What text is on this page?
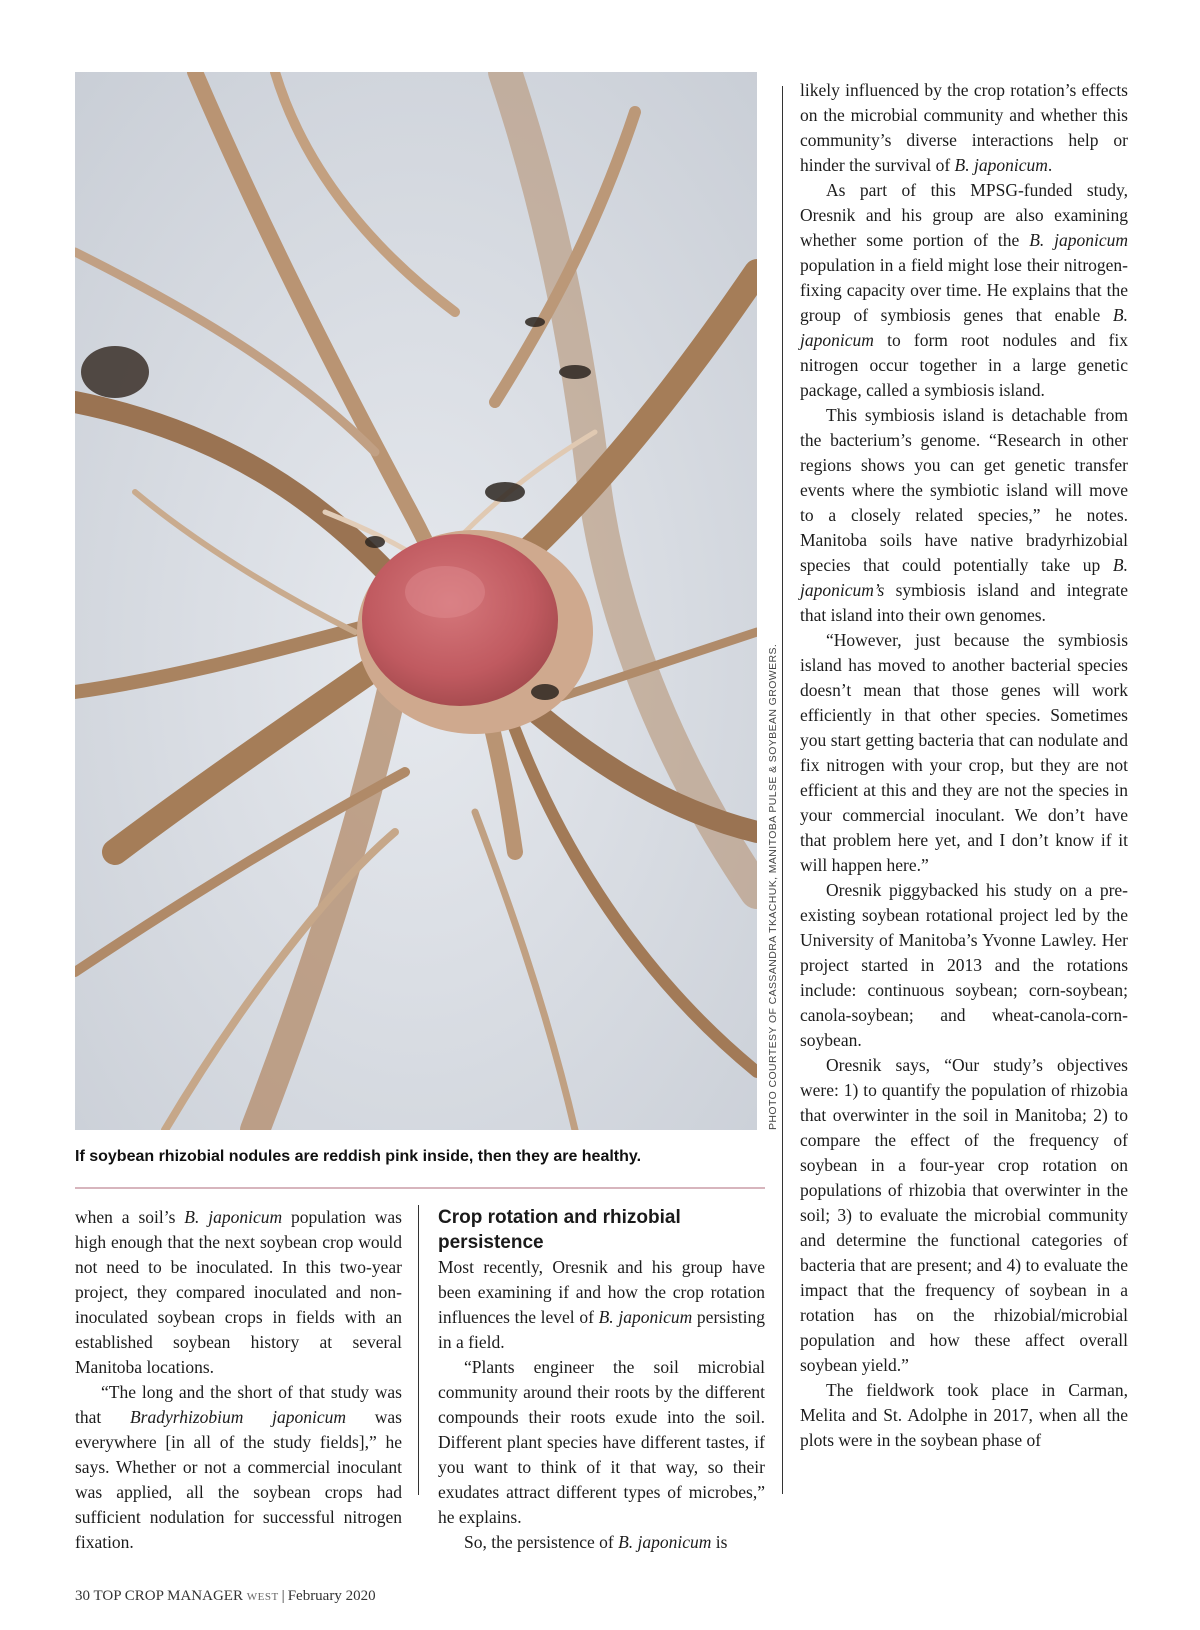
PHOTO COURTESY OF CASSANDRA TKACHUK, MANITOBA PULSE & SOYBEAN GROWERS.

If soybean rhizobial nodules are reddish pink inside, then they are healthy.

likely influenced by the crop rotation’s effects on the microbial community and whether this community’s diverse interactions help or hinder the survival of B. japonicum.

As part of this MPSG-funded study, Oresnik and his group are also examining whether some portion of the B. japonicum population in a field might lose their nitrogen-fixing capacity over time. He explains that the group of symbiosis genes that enable B. japonicum to form root nodules and fix nitrogen occur together in a large genetic package, called a symbiosis island.

This symbiosis island is detachable from the bacterium’s genome. “Research in other regions shows you can get genetic transfer events where the symbiotic island will move to a closely related species,” he notes. Manitoba soils have native bradyrhizobial species that could potentially take up B. japonicum’s symbiosis island and integrate that island into their own genomes.

“However, just because the symbiosis island has moved to another bacterial species doesn’t mean that those genes will work efficiently in that other species. Sometimes you start getting bacteria that can nodulate and fix nitrogen with your crop, but they are not efficient at this and they are not the species in your commercial inoculant. We don’t have that problem here yet, and I don’t know if it will happen here.”

Oresnik piggybacked his study on a pre-existing soybean rotational project led by the University of Manitoba’s Yvonne Lawley. Her project started in 2013 and the rotations include: continuous soybean; corn-soybean; canola-soybean; and wheat-canola-corn-soybean.

Oresnik says, “Our study’s objectives were: 1) to quantify the population of rhizobia that overwinter in the soil in Manitoba; 2) to compare the effect of the frequency of soybean in a four-year crop rotation on populations of rhizobia that overwinter in the soil; 3) to evaluate the microbial community and determine the functional categories of bacteria that are present; and 4) to evaluate the impact that the frequency of soybean in a rotation has on the rhizobial/microbial population and how these affect overall soybean yield.”

The fieldwork took place in Carman, Melita and St. Adolphe in 2017, when all the plots were in the soybean phase of

when a soil’s B. japonicum population was high enough that the next soybean crop would not need to be inoculated. In this two-year project, they compared inoculated and non-inoculated soybean crops in fields with an established soybean history at several Manitoba locations.

“The long and the short of that study was that Bradyrhizobium japonicum was everywhere [in all of the study fields],” he says. Whether or not a commercial inoculant was applied, all the soybean crops had sufficient nodulation for successful nitrogen fixation.

Crop rotation and rhizobial persistence

Most recently, Oresnik and his group have been examining if and how the crop rotation influences the level of B. japonicum persisting in a field.

“Plants engineer the soil microbial community around their roots by the different compounds their roots exude into the soil. Different plant species have different tastes, if you want to think of it that way, so their exudates attract different types of microbes,” he explains.

So, the persistence of B. japonicum is

30 TOP CROP MANAGER WEST | February 2020
